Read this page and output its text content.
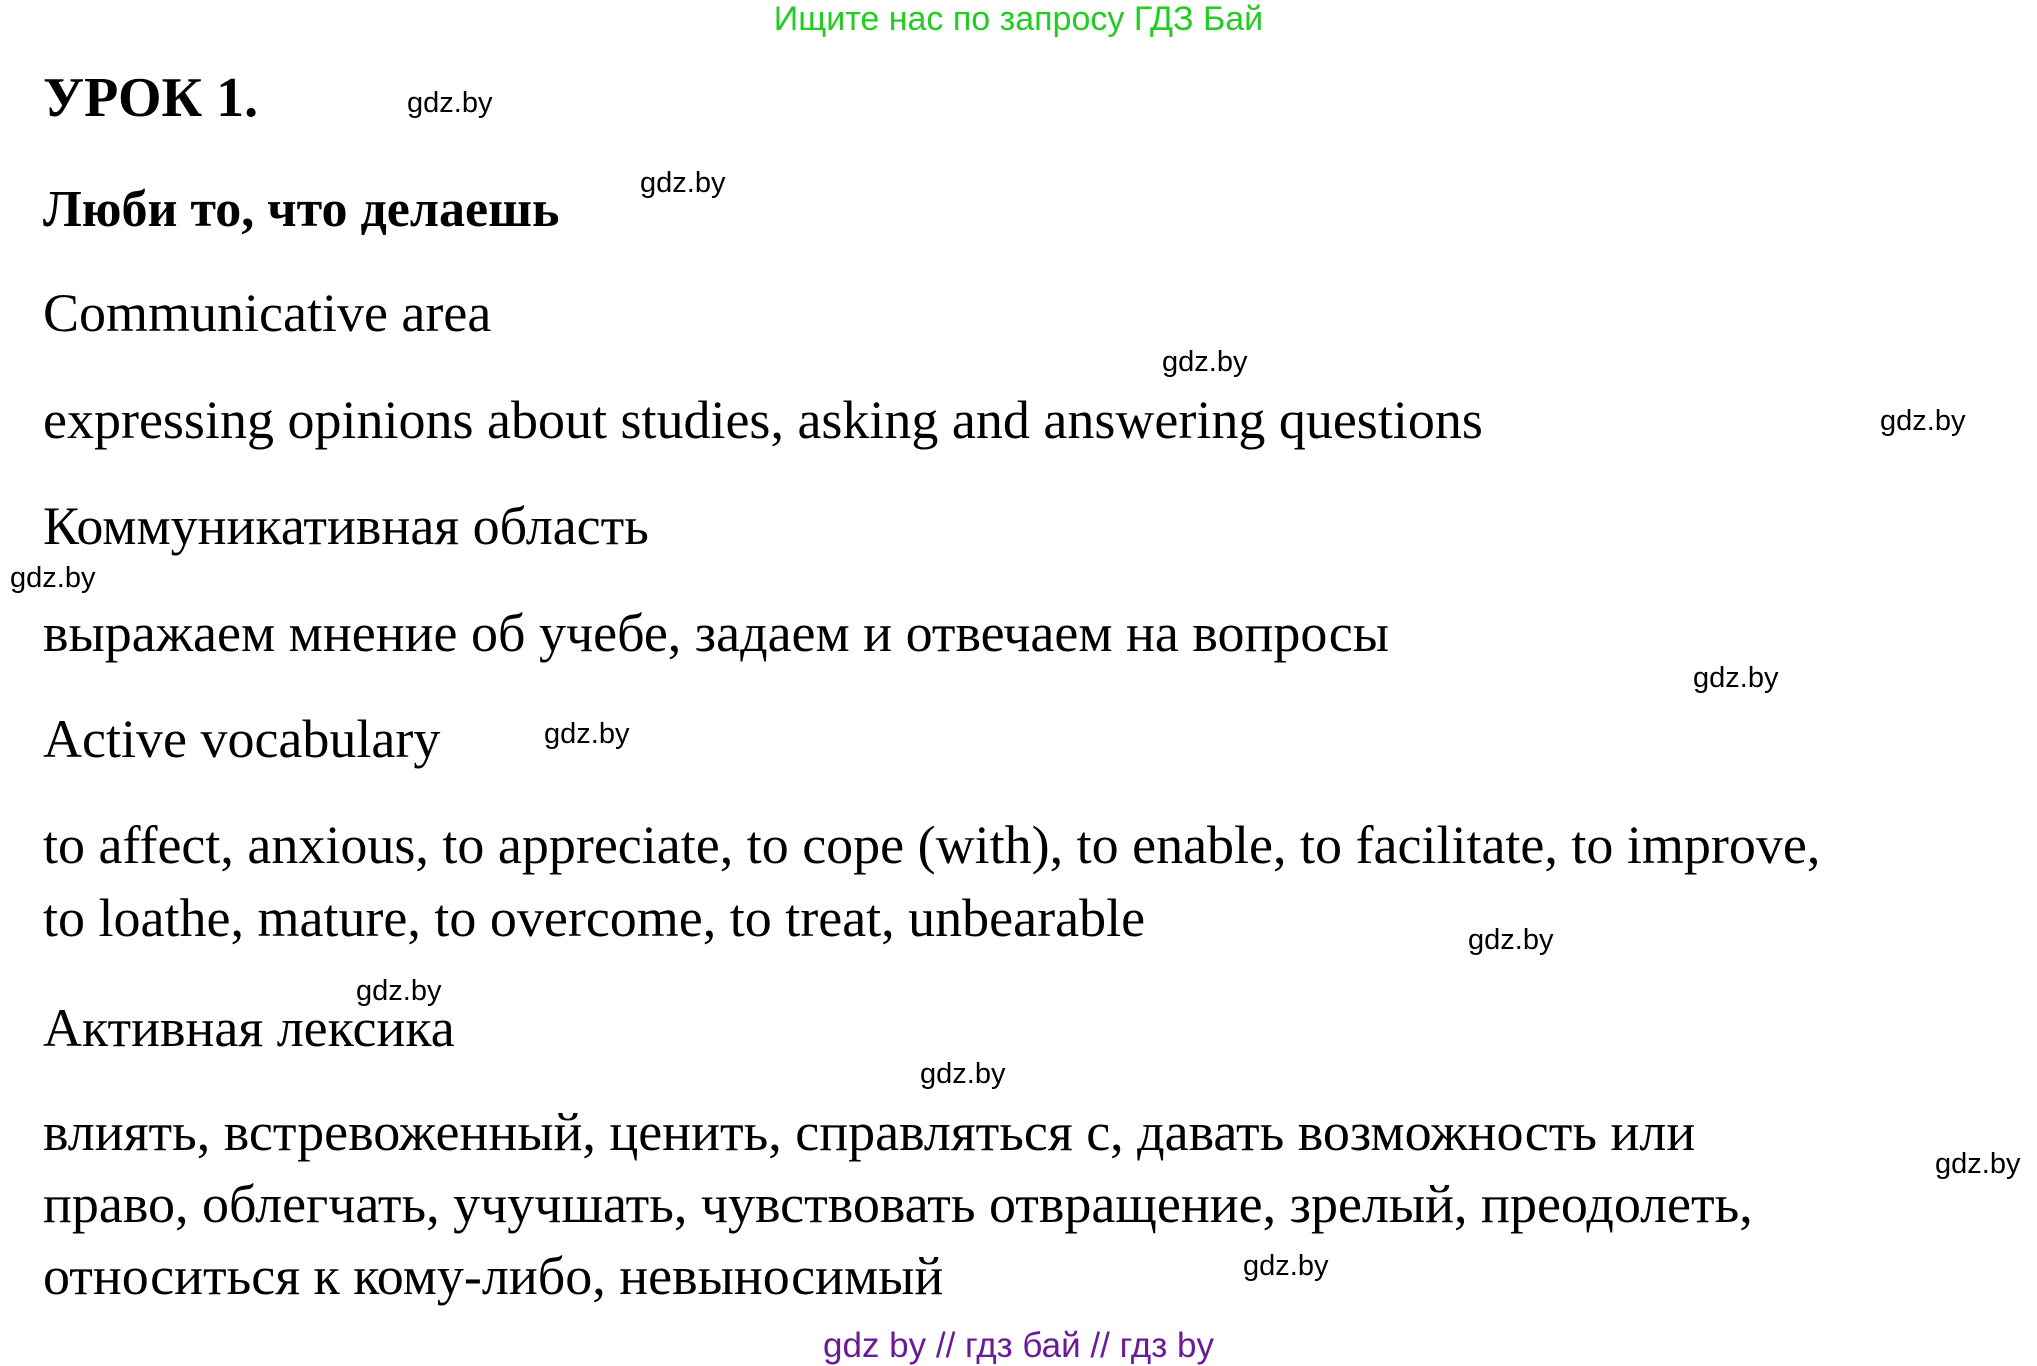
Ищите нас по запросу ГДЗ Бай
УРОК 1.
Люби то, что делаешь
Communicative area
expressing opinions about studies, asking and answering questions
Коммуникативная область
выражаем мнение об учебе, задаем и отвечаем на вопросы
Active vocabulary
to affect, anxious, to appreciate, to cope (with), to enable, to facilitate, to improve,
to loathe, mature, to overcome, to treat, unbearable
Активная лексика
влиять, встревоженный, ценить, справляться с, давать возможность или
право, облегчать, учучшать, чувствовать отвращение, зрелый, преодолеть,
относиться к кому-либо, невыносимый
gdz.by
gdz.by
gdz.by
gdz.by
gdz.by
gdz.by
gdz.by
gdz.by
gdz.by
gdz.by
gdz.by
gdz.by
gdz by // гдз бай // гдз by
